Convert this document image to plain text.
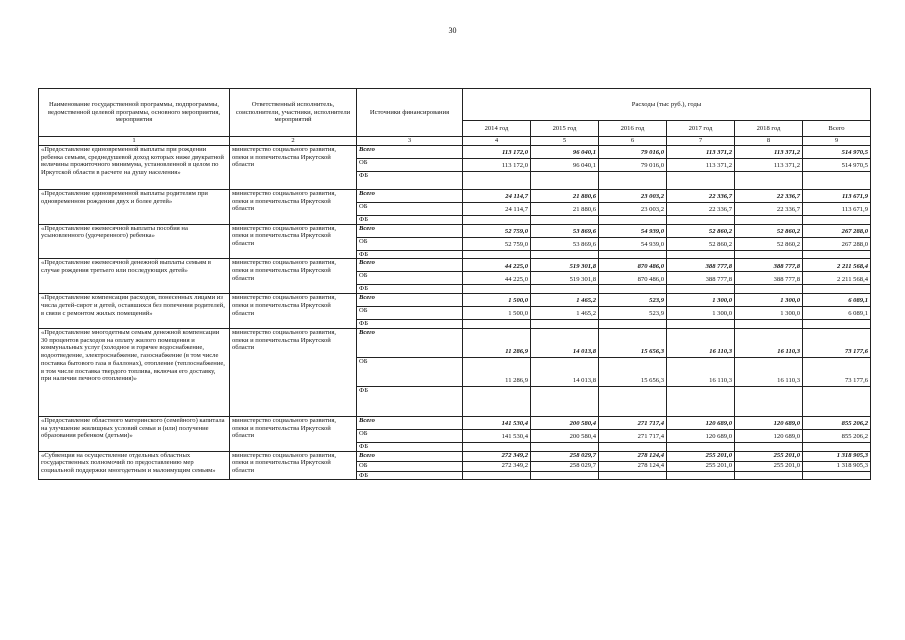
30
Наименование государственной программы, подпрограммы, ведомственной целевой программы, основного мероприятия, мероприятия	Ответственный исполнитель, соисполнители, участники, исполнители мероприятий	Источники финансирования	Расходы (тыс руб.), годы					
			2014 год	2015 год	2016 год	2017 год	2018 год	Всего
1	2	3	4	5	6	7	8	9
«Предоставление единовременной выплаты при рождении ребенка семьям, среднедушевой доход которых ниже двукратной величины прожиточного минимума, установленной в целом по Иркутской области в расчете на душу населения»	министерство социального развития, опеки и попечительства Иркутской области	Всего	113 172,0	96 040,1	79 016,0	113 371,2	113 371,2	514 970,5
		ОБ	113 172,0	96 040,1	79 016,0	113 371,2	113 371,2	514 970,5
		ФБ						
«Предоставление единовременной выплаты родителям при одновременном рождении двух и более детей»	министерство социального развития, опеки и попечительства Иркутской области	Всего	24 114,7	21 880,6	23 003,2	22 336,7	22 336,7	113 671,9
		ОБ	24 114,7	21 880,6	23 003,2	22 336,7	22 336,7	113 671,9
		ФБ						
«Предоставление ежемесячной выплаты пособия на усыновленного (удочеренного) ребенка»	министерство социального развития, опеки и попечительства Иркутской области	Всего	52 759,0	53 869,6	54 939,0	52 860,2	52 860,2	267 288,0
		ОБ	52 759,0	53 869,6	54 939,0	52 860,2	52 860,2	267 288,0
		ФБ						
«Предоставление ежемесячной денежной выплаты семьям в случае рождения третьего или последующих детей»	министерство социального развития, опеки и попечительства Иркутской области	Всего	44 225,0	519 301,8	870 486,0	388 777,8	388 777,8	2 211 568,4
		ОБ	44 225,0	519 301,8	870 486,0	388 777,8	388 777,8	2 211 568,4
		ФБ						
«Предоставление компенсации расходов, понесенных лицами из числа детей-сирот и детей, оставшихся без попечения родителей, в связи с ремонтом жилых помещений»	министерство социального развития, опеки и попечительства Иркутской области	Всего	1 500,0	1 465,2	523,9	1 300,0	1 300,0	6 089,1
		ОБ	1 500,0	1 465,2	523,9	1 300,0	1 300,0	6 089,1
		ФБ						
«Предоставление многодетным семьям денежной компенсации 30 процентов расходов на оплату жилого помещения и коммунальных услуг (холодное и горячее водоснабжение, водоотведение, электроснабжение, газоснабжение (в том числе поставка бытового газа в баллонах), отопление (теплоснабжение, в том числе поставка твердого топлива, включая его доставку, при наличии печного отопления)»	министерство социального развития, опеки и попечительства Иркутской области	Всего	11 286,9	14 013,8	15 656,3	16 110,3	16 110,3	73 177,6
		ОБ	11 286,9	14 013,8	15 656,3	16 110,3	16 110,3	73 177,6
		ФБ						
«Предоставление областного материнского (семейного) капитала на улучшение жилищных условий семьи и (или) получение образования ребенком (детьми)»	министерство социального развития, опеки и попечительства Иркутской области	Всего	141 530,4	200 580,4	271 717,4	120 689,0	120 689,0	855 206,2
		ОБ	141 530,4	200 580,4	271 717,4	120 689,0	120 689,0	855 206,2
		ФБ						
«Субвенция на осуществление отдельных областных государственных полномочий по предоставлению мер социальной поддержки многодетным и малоимущим семьям»	министерство социального развития, опеки и попечительства Иркутской области	Всего	272 349,2	258 029,7	278 124,4	255 201,0	255 201,0	1 318 905,3
		ОБ	272 349,2	258 029,7	278 124,4	255 201,0	255 201,0	1 318 905,3
		ФБ						
